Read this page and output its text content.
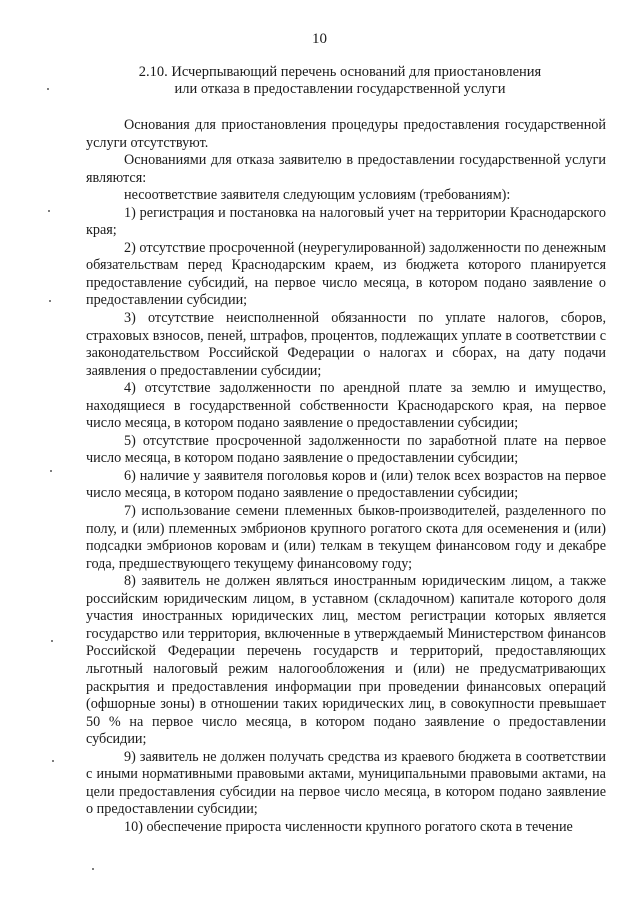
10
2.10. Исчерпывающий перечень оснований для приостановления
или отказа в предоставлении государственной услуги

Основания для приостановления процедуры предоставления государственной услуги отсутствуют.

Основаниями для отказа заявителю в предоставлении государственной услуги являются:

несоответствие заявителя следующим условиям (требованиям):

1) регистрация и постановка на налоговый учет на территории Краснодарского края;

2) отсутствие просроченной (неурегулированной) задолженности по денежным обязательствам перед Краснодарским краем, из бюджета которого планируется предоставление субсидий, на первое число месяца, в котором подано заявление о предоставлении субсидии;

3) отсутствие неисполненной обязанности по уплате налогов, сборов, страховых взносов, пеней, штрафов, процентов, подлежащих уплате в соответствии с законодательством Российской Федерации о налогах и сборах, на дату подачи заявления о предоставлении субсидии;

4) отсутствие задолженности по арендной плате за землю и имущество, находящиеся в государственной собственности Краснодарского края, на первое число месяца, в котором подано заявление о предоставлении субсидии;

5) отсутствие просроченной задолженности по заработной плате на первое число месяца, в котором подано заявление о предоставлении субсидии;

6) наличие у заявителя поголовья коров и (или) телок всех возрастов на первое число месяца, в котором подано заявление о предоставлении субсидии;

7) использование семени племенных быков-производителей, разделенного по полу, и (или) племенных эмбрионов крупного рогатого скота для осеменения и (или) подсадки эмбрионов коровам и (или) телкам в текущем финансовом году и декабре года, предшествующего текущему финансовому году;

8) заявитель не должен являться иностранным юридическим лицом, а также российским юридическим лицом, в уставном (складочном) капитале которого доля участия иностранных юридических лиц, местом регистрации которых является государство или территория, включенные в утверждаемый Министерством финансов Российской Федерации перечень государств и территорий, предоставляющих льготный налоговый режим налогообложения и (или) не предусматривающих раскрытия и предоставления информации при проведении финансовых операций (офшорные зоны) в отношении таких юридических лиц, в совокупности превышает 50 % на первое число месяца, в котором подано заявление о предоставлении субсидии;

9) заявитель не должен получать средства из краевого бюджета в соответствии с иными нормативными правовыми актами, муниципальными правовыми актами, на цели предоставления субсидии на первое число месяца, в котором подано заявление о предоставлении субсидии;

10) обеспечение прироста численности крупного рогатого скота в течение
